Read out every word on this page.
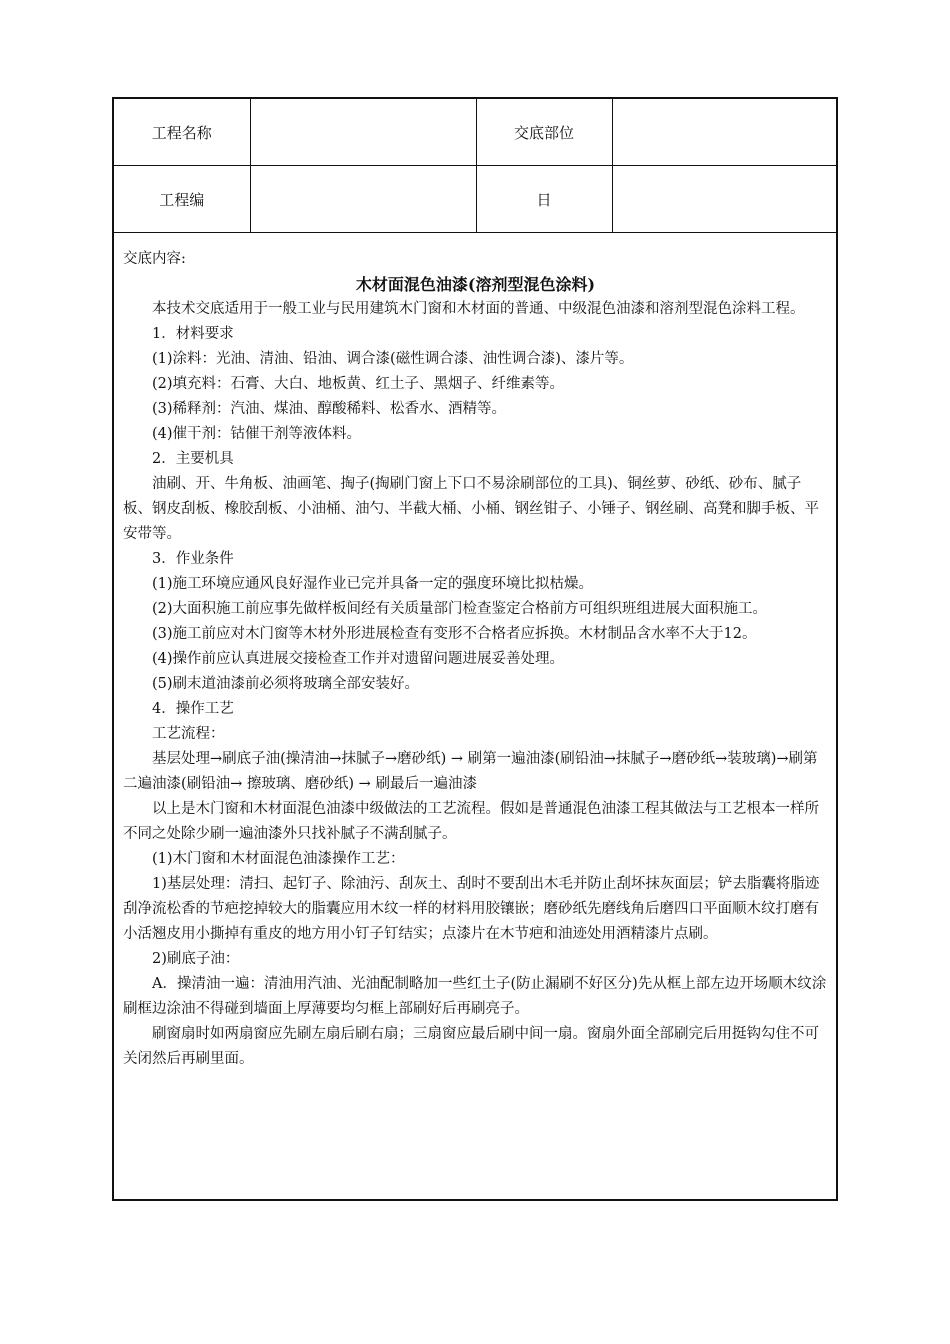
工程名称		交底部位	
工程编		日	

交底内容:

木材面混色油漆(溶剂型混色涂料)

本技术交底适用于一般工业与民用建筑木门窗和木材面的普通、中级混色油漆和溶剂型混色涂料工程。

1．材料要求

(1)涂料：光油、清油、铅油、调合漆(磁性调合漆、油性调合漆)、漆片等。

(2)填充料：石膏、大白、地板黄、红土子、黑烟子、纤维素等。

(3)稀释剂：汽油、煤油、醇酸稀料、松香水、酒精等。

(4)催干剂：钴催干剂等液体料。

2．主要机具

油刷、开、牛角板、油画笔、掏子(掏刷门窗上下口不易涂刷部位的工具)、铜丝萝、砂纸、砂布、腻子板、钢皮刮板、橡胶刮板、小油桶、油勺、半截大桶、小桶、钢丝钳子、小锤子、钢丝刷、高凳和脚手板、平安带等。

3．作业条件

(1)施工环境应通风良好湿作业已完并具备一定的强度环境比拟枯燥。

(2)大面积施工前应事先做样板间经有关质量部门检查鉴定合格前方可组织班组进展大面积施工。

(3)施工前应对木门窗等木材外形进展检查有变形不合格者应拆换。木材制品含水率不大于12。

(4)操作前应认真进展交接检查工作并对遗留问题进展妥善处理。

(5)刷末道油漆前必须将玻璃全部安装好。

4．操作工艺

工艺流程：

基层处理→刷底子油(操清油→抹腻子→磨砂纸) → 刷第一遍油漆(刷铅油→抹腻子→磨砂纸→装玻璃)→刷第二遍油漆(刷铅油→ 擦玻璃、磨砂纸) → 刷最后一遍油漆

以上是木门窗和木材面混色油漆中级做法的工艺流程。假如是普通混色油漆工程其做法与工艺根本一样所不同之处除少刷一遍油漆外只找补腻子不满刮腻子。

(1)木门窗和木材面混色油漆操作工艺：

1)基层处理：清扫、起钉子、除油污、刮灰土、刮时不要刮出木毛并防止刮坏抹灰面层；铲去脂囊将脂迹刮净流松香的节疤挖掉较大的脂囊应用木纹一样的材料用胶镶嵌；磨砂纸先磨线角后磨四口平面顺木纹打磨有小活翘皮用小撕掉有重皮的地方用小钉子钉结实；点漆片在木节疤和油迹处用酒精漆片点刷。

2)刷底子油：

A．操清油一遍：清油用汽油、光油配制略加一些红土子(防止漏刷不好区分)先从框上部左边开场顺木纹涂刷框边涂油不得碰到墙面上厚薄要均匀框上部刷好后再刷亮子。

刷窗扇时如两扇窗应先刷左扇后刷右扇；三扇窗应最后刷中间一扇。窗扇外面全部刷完后用挺钩勾住不可关闭然后再刷里面。
